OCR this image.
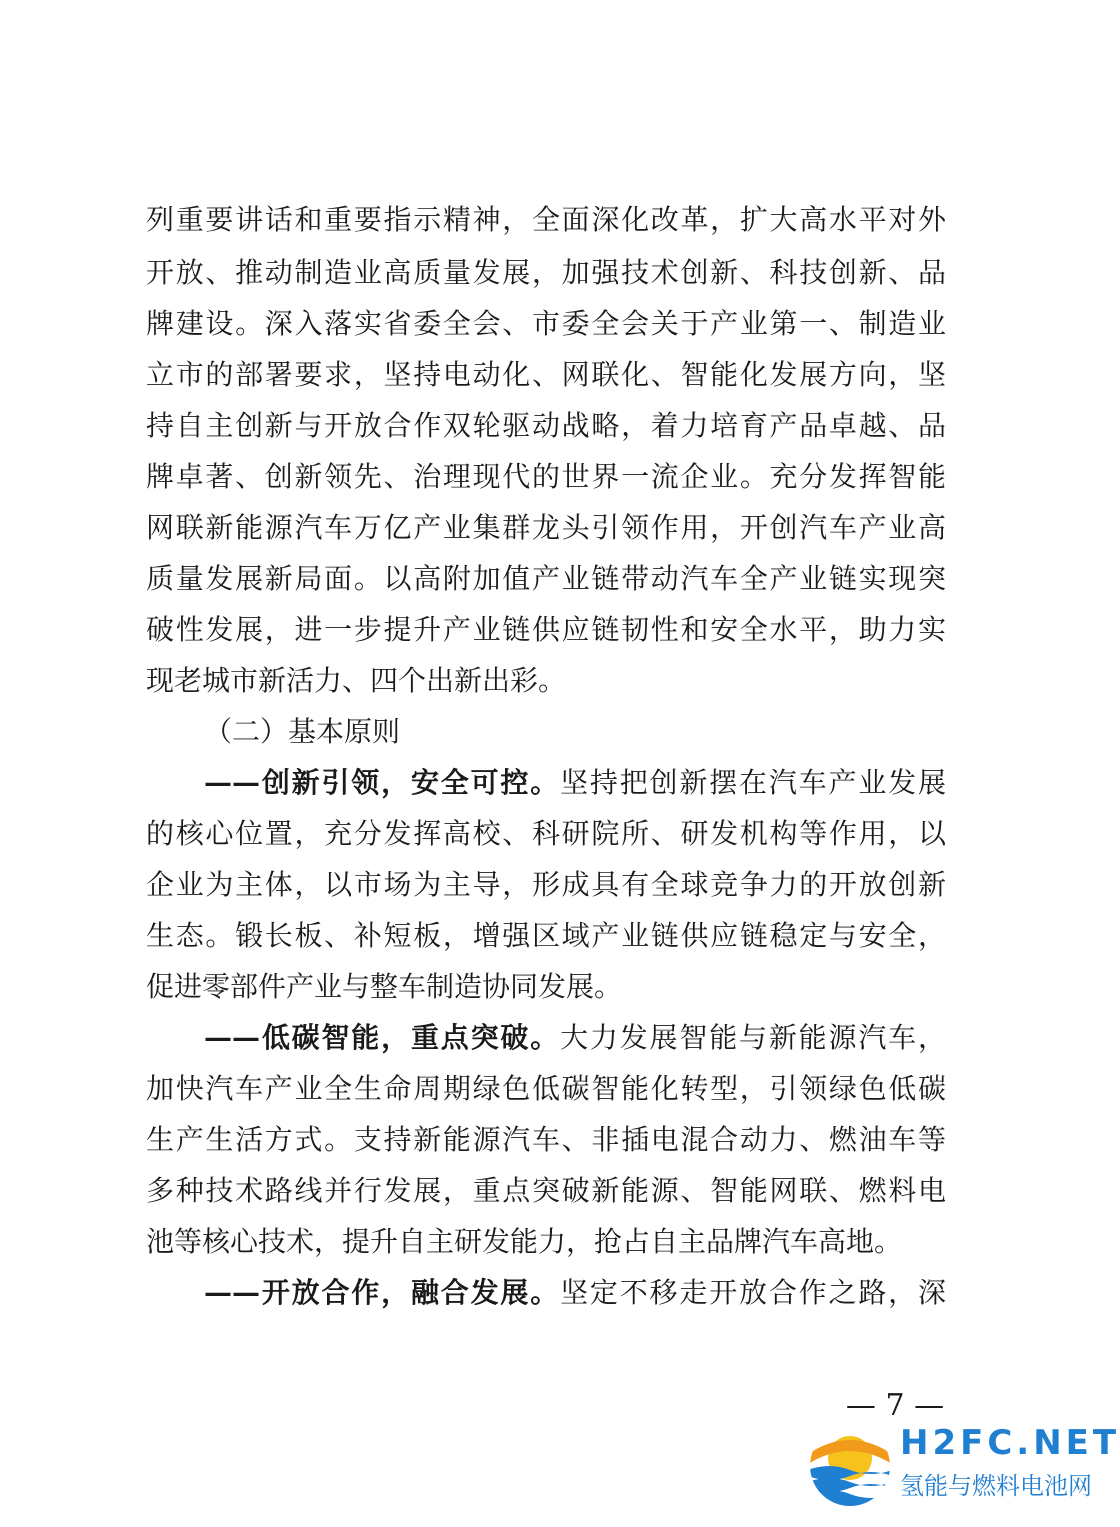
列重要讲话和重要指示精神，全面深化改革，扩大高水平对外
开放、推动制造业高质量发展，加强技术创新、科技创新、品
牌建设。深入落实省委全会、市委全会关于产业第一、制造业
立市的部署要求，坚持电动化、网联化、智能化发展方向，坚
持自主创新与开放合作双轮驱动战略，着力培育产品卓越、品
牌卓著、创新领先、治理现代的世界一流企业。充分发挥智能
网联新能源汽车万亿产业集群龙头引领作用，开创汽车产业高
质量发展新局面。以高附加值产业链带动汽车全产业链实现突
破性发展，进一步提升产业链供应链韧性和安全水平，助力实
现老城市新活力、四个出新出彩。
（二）基本原则
——创新引领，安全可控。坚持把创新摆在汽车产业发展
的核心位置，充分发挥高校、科研院所、研发机构等作用，以
企业为主体，以市场为主导，形成具有全球竞争力的开放创新
生态。锻长板、补短板，增强区域产业链供应链稳定与安全，
促进零部件产业与整车制造协同发展。
——低碳智能，重点突破。大力发展智能与新能源汽车，
加快汽车产业全生命周期绿色低碳智能化转型，引领绿色低碳
生产生活方式。支持新能源汽车、非插电混合动力、燃油车等
多种技术路线并行发展，重点突破新能源、智能网联、燃料电
池等核心技术，提升自主研发能力，抢占自主品牌汽车高地。
——开放合作，融合发展。坚定不移走开放合作之路，深
— 7 —
H2FC.NET
氢能与燃料电池网
